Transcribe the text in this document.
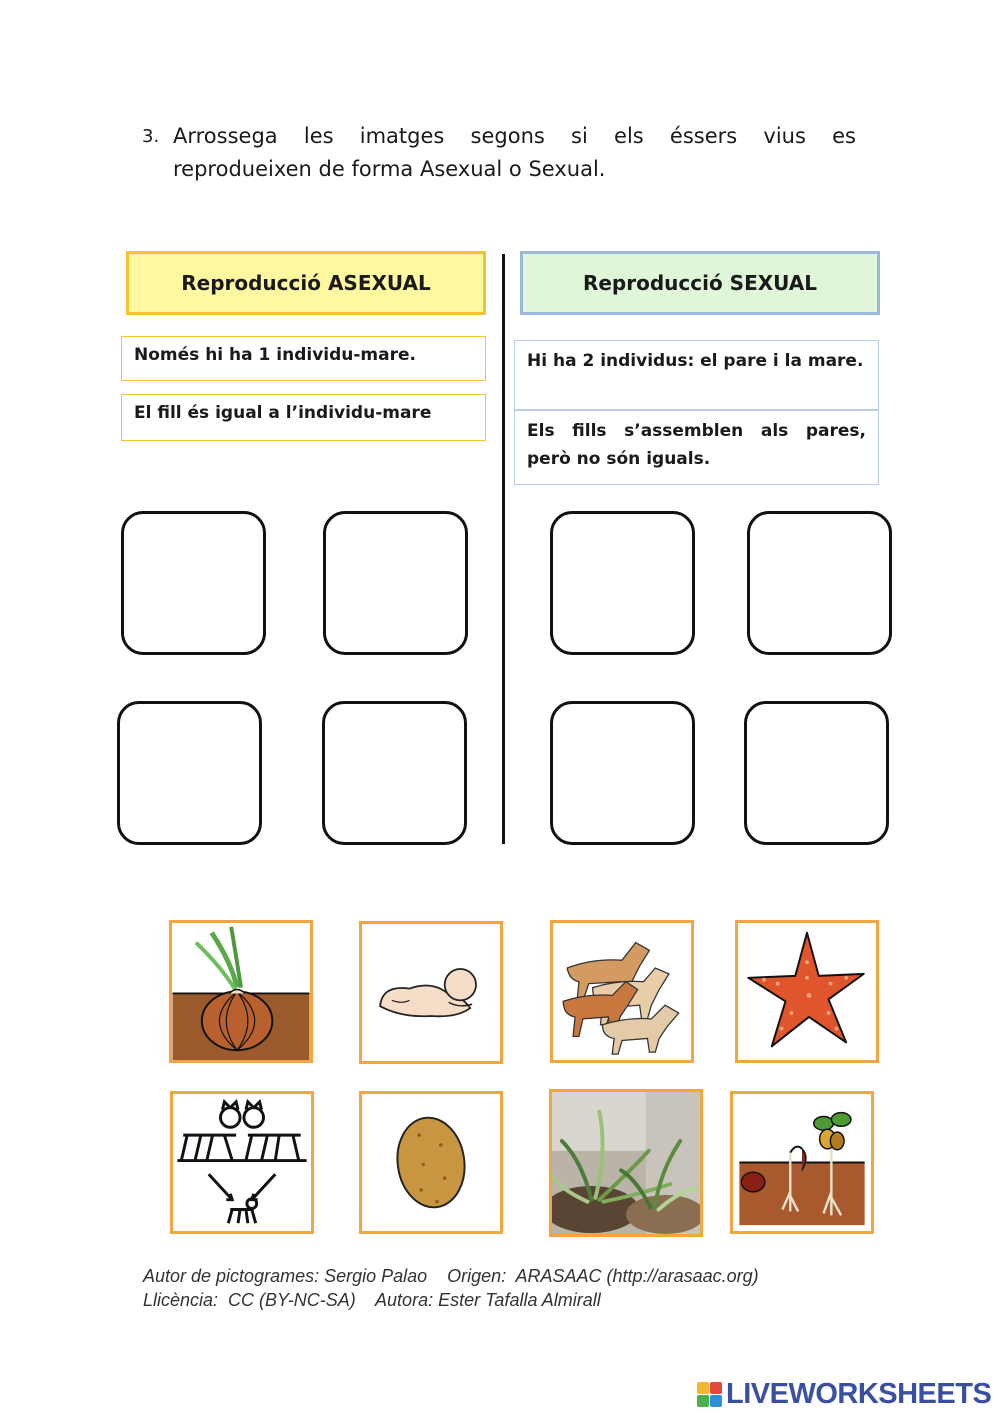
3. Arrossega les imatges segons si els éssers vius es
reprodueixen de forma Asexual o Sexual.
Reproducció ASEXUAL	Reproducció SEXUAL
Només hi ha 1 individu-mare.
El fill és igual a l’individu-mare
Hi ha 2 individus: el pare i la mare.
Els fills s’assemblen als pares, però no són iguals.
Autor de pictogrames: Sergio Palao    Origen:  ARASAAC (http://arasaac.org)
Llicència:  CC (BY-NC-SA)    Autora: Ester Tafalla Almirall
LIVEWORKSHEETS
